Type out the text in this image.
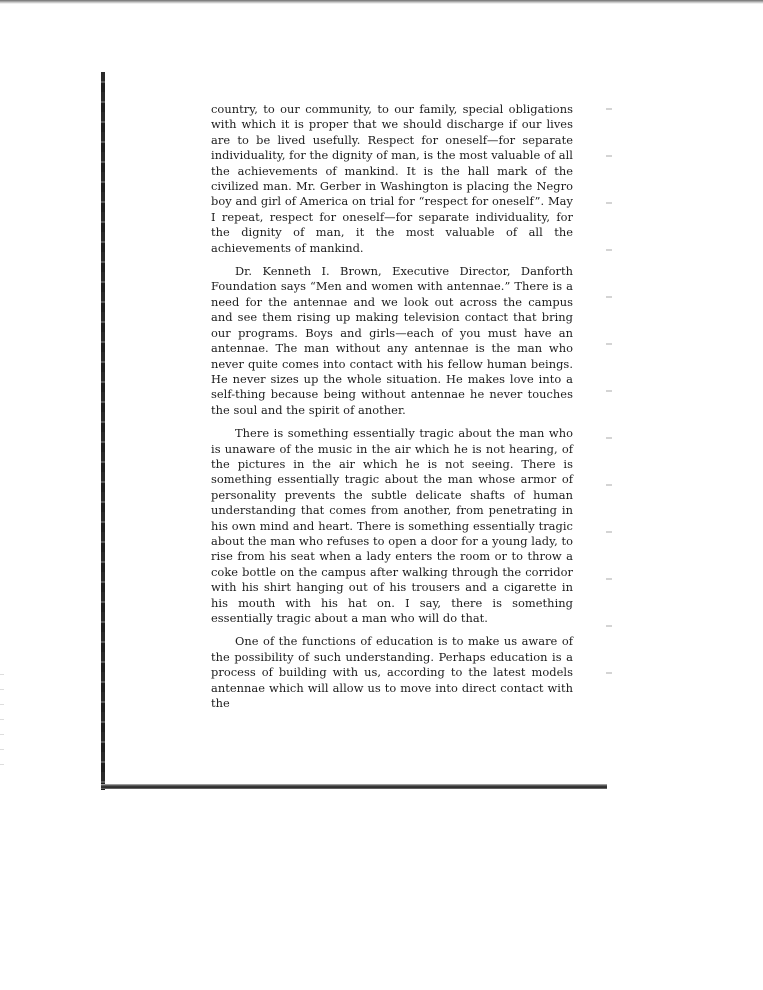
country, to our community, to our family, special obligations with which it is proper that we should discharge if our lives are to be lived usefully. Respect for oneself—for separate individuality, for the dignity of man, is the most valuable of all the achievements of mankind. It is the hall mark of the civilized man. Mr. Gerber in Washington is placing the Negro boy and girl of America on trial for “respect for oneself”. May I repeat, respect for oneself—for separate individuality, for the dignity of man, it the most valuable of all the achievements of mankind.

Dr. Kenneth I. Brown, Executive Director, Danforth Foundation says “Men and women with antennae.” There is a need for the antennae and we look out across the campus and see them rising up making television contact that bring our programs. Boys and girls—each of you must have an antennae. The man without any antennae is the man who never quite comes into contact with his fellow human beings. He never sizes up the whole situation. He makes love into a self-thing because being without antennae he never touches the soul and the spirit of another.

There is something essentially tragic about the man who is unaware of the music in the air which he is not hearing, of the pictures in the air which he is not seeing. There is something essentially tragic about the man whose armor of personality prevents the subtle delicate shafts of human understanding that comes from another, from penetrating in his own mind and heart. There is something essentially tragic about the man who refuses to open a door for a young lady, to rise from his seat when a lady enters the room or to throw a coke bottle on the campus after walking through the corridor with his shirt hanging out of his trousers and a cigarette in his mouth with his hat on. I say, there is something essentially tragic about a man who will do that.

One of the functions of education is to make us aware of the possibility of such understanding. Perhaps education is a process of building with us, according to the latest models antennae which will allow us to move into direct contact with the
